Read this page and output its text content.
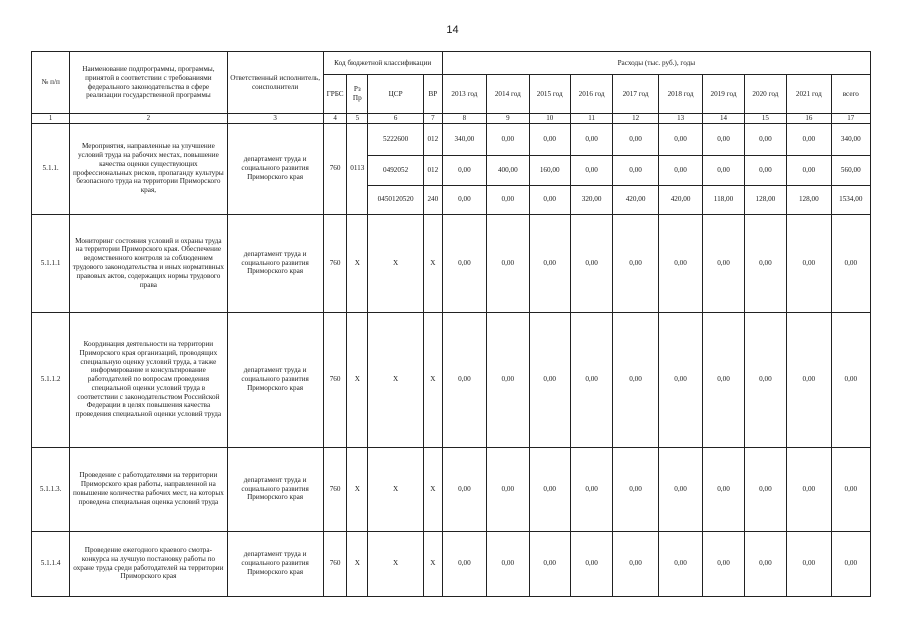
14
№ п/п	Наименование подпрограммы, программы, принятой в соответствии с требованиями федерального законодательства в сфере реализации государственной программы	Ответственный исполнитель, соисполнители	Код бюджетной классификации				Расходы (тыс. руб.), годы									
			ГРБС	Рз Пр	ЦСР	ВР	2013 год	2014 год	2015 год	2016 год	2017 год	2018 год	2019 год	2020 год	2021 год	всего
1	2	3	4	5	6	7	8	9	10	11	12	13	14	15	16	17
5.1.1.	Мероприятия, направленные на улучшение условий труда на рабочих местах, повышение качества оценки существующих профессиональных рисков, пропаганду культуры безопасного труда на территории Приморского края,	департамент труда и социального развития Приморского края	760	0113	5222600	012	340,00	0,00	0,00	0,00	0,00	0,00	0,00	0,00	0,00	340,00
					0492052	012	0,00	400,00	160,00	0,00	0,00	0,00	0,00	0,00	0,00	560,00
					0450120520	240	0,00	0,00	0,00	320,00	420,00	420,00	118,00	128,00	128,00	1534,00
5.1.1.1	Мониторинг состояния условий и охраны труда на территории Приморского края. Обеспечение ведомственного контроля за соблюдением трудового законодательства и иных нормативных правовых актов, содержащих нормы трудового права	департамент труда и социального развития Приморского края	760	X	X	X	0,00	0,00	0,00	0,00	0,00	0,00	0,00	0,00	0,00	0,00
5.1.1.2	Координация деятельности на территории Приморского края организаций, проводящих специальную оценку условий труда, а также информирование и консультирование работодателей по вопросам проведения специальной оценки условий труда в соответствии с законодательством Российской Федерации в целях повышения качества проведения специальной оценки условий труда	департамент труда и социального развития Приморского края	760	X	X	X	0,00	0,00	0,00	0,00	0,00	0,00	0,00	0,00	0,00	0,00
5.1.1.3.	Проведение с работодателями на территории Приморского края работы, направленной на повышение количества рабочих мест, на которых проведена специальная оценка условий труда	департамент труда и социального развития Приморского края	760	X	X	X	0,00	0,00	0,00	0,00	0,00	0,00	0,00	0,00	0,00	0,00
5.1.1.4	Проведение ежегодного краевого смотра-конкурса на лучшую постановку работы по охране труда среди работодателей на территории Приморского края	департамент труда и социального развития Приморского края	760	X	X	X	0,00	0,00	0,00	0,00	0,00	0,00	0,00	0,00	0,00	0,00
